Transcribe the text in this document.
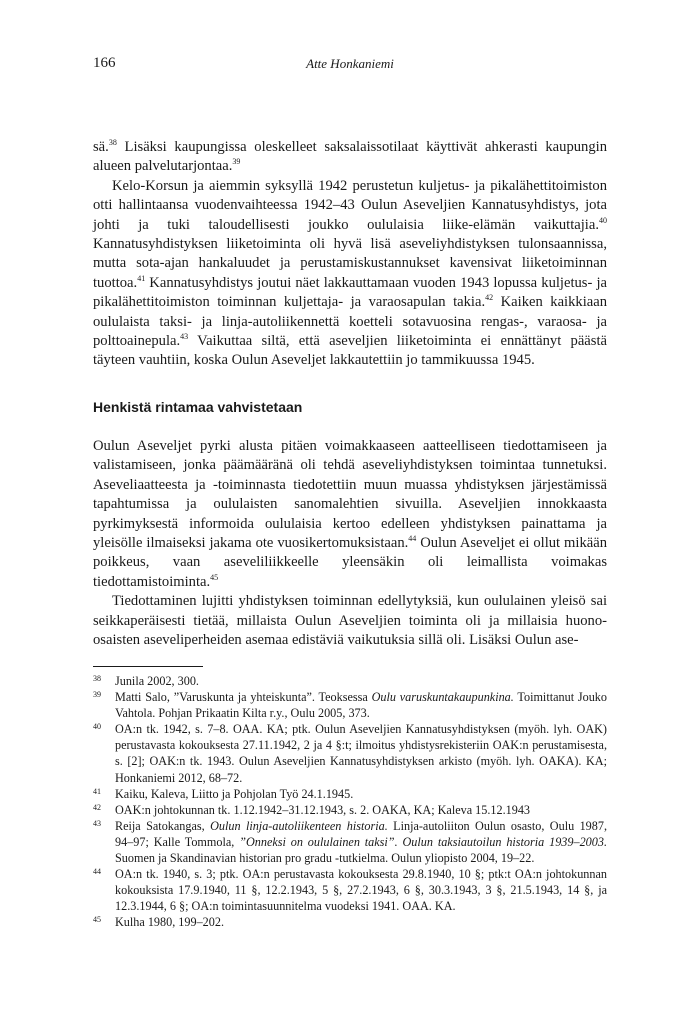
166	Atte Honkaniemi

sä.$^{38}$ Lisäksi kaupungissa oleskelleet saksalaissotilaat käyttivät ahkerasti kaupungin alueen palvelutarjontaa.$^{39}$

Kelo-Korsun ja aiemmin syksyllä 1942 perustetun kuljetus- ja pikalähettitoimiston otti hallintaansa vuodenvaihteessa 1942–43 Oulun Aseveljien Kannatusyhdistys, jota johti ja tuki taloudellisesti joukko oululaisia liike-elämän vaikuttajia.$^{40}$ Kannatusyhdistyksen liiketoiminta oli hyvä lisä aseveliyhdistyksen tulonsaannissa, mutta sota-ajan hankaluudet ja perustamiskustannukset kavensivat liiketoiminnan tuottoa.$^{41}$ Kannatusyhdistys joutui näet lakkauttamaan vuoden 1943 lopussa kuljetus- ja pikalähettitoimiston toiminnan kuljettaja- ja varaosapulan takia.$^{42}$ Kaiken kaikkiaan oululaista taksi- ja linja-autoliikennettä koetteli sotavuosina rengas-, varaosa- ja polttoainepula.$^{43}$ Vaikuttaa siltä, että aseveljien liiketoiminta ei ennättänyt päästä täyteen vauhtiin, koska Oulun Aseveljet lakkautettiin jo tammikuussa 1945.

Henkistä rintamaa vahvistetaan

Oulun Aseveljet pyrki alusta pitäen voimakkaaseen aatteelliseen tiedottamiseen ja valistamiseen, jonka päämääränä oli tehdä aseveliyhdistyksen toimintaa tunnetuksi. Aseveliaatteesta ja -toiminnasta tiedotettiin muun muassa yhdistyksen järjestämissä tapahtumissa ja oululaisten sanomalehtien sivuilla. Aseveljien innokkaasta pyrkimyksestä informoida oululaisia kertoo edelleen yhdistyksen painattama ja yleisölle ilmaiseksi jakama ote vuosikertomuksistaan.$^{44}$ Oulun Aseveljet ei ollut mikään poikkeus, vaan aseveliliikkeelle yleensäkin oli leimallista voimakas tiedottamistoiminta.$^{45}$

Tiedottaminen lujitti yhdistyksen toiminnan edellytyksiä, kun oululainen yleisö sai seikkaperäisesti tietää, millaista Oulun Aseveljien toiminta oli ja millaisia huono-osaisten aseveliperheiden asemaa edistäviä vaikutuksia sillä oli. Lisäksi Oulun ase-

38	Junila 2002, 300.
39	Matti Salo, ”Varuskunta ja yhteiskunta”. Teoksessa Oulu varuskuntakaupunkina. Toimittanut Jouko Vahtola. Pohjan Prikaatin Kilta r.y., Oulu 2005, 373.
40	OA:n tk. 1942, s. 7–8. OAA. KA; ptk. Oulun Aseveljien Kannatusyhdistyksen (myöh. lyh. OAK) perustavasta kokouksesta 27.11.1942, 2 ja 4 §:t; ilmoitus yhdistysrekisteriin OAK:n perustamisesta, s. [2]; OAK:n tk. 1943. Oulun Aseveljien Kannatusyhdistyksen arkisto (myöh. lyh. OAKA). KA; Honkaniemi 2012, 68–72.
41	Kaiku, Kaleva, Liitto ja Pohjolan Työ 24.1.1945.
42	OAK:n johtokunnan tk. 1.12.1942–31.12.1943, s. 2. OAKA, KA; Kaleva 15.12.1943
43	Reija Satokangas, Oulun linja-autoliikenteen historia. Linja-autoliiton Oulun osasto, Oulu 1987, 94–97; Kalle Tommola, ”Onneksi on oululainen taksi”. Oulun taksiautoilun historia 1939–2003. Suomen ja Skandinavian historian pro gradu -tutkielma. Oulun yliopisto 2004, 19–22.
44	OA:n tk. 1940, s. 3; ptk. OA:n perustavasta kokouksesta 29.8.1940, 10 §; ptk:t OA:n johtokunnan kokouksista 17.9.1940, 11 §, 12.2.1943, 5 §, 27.2.1943, 6 §, 30.3.1943, 3 §, 21.5.1943, 14 §, ja 12.3.1944, 6 §; OA:n toimintasuunnitelma vuodeksi 1941. OAA. KA.
45	Kulha 1980, 199–202.
